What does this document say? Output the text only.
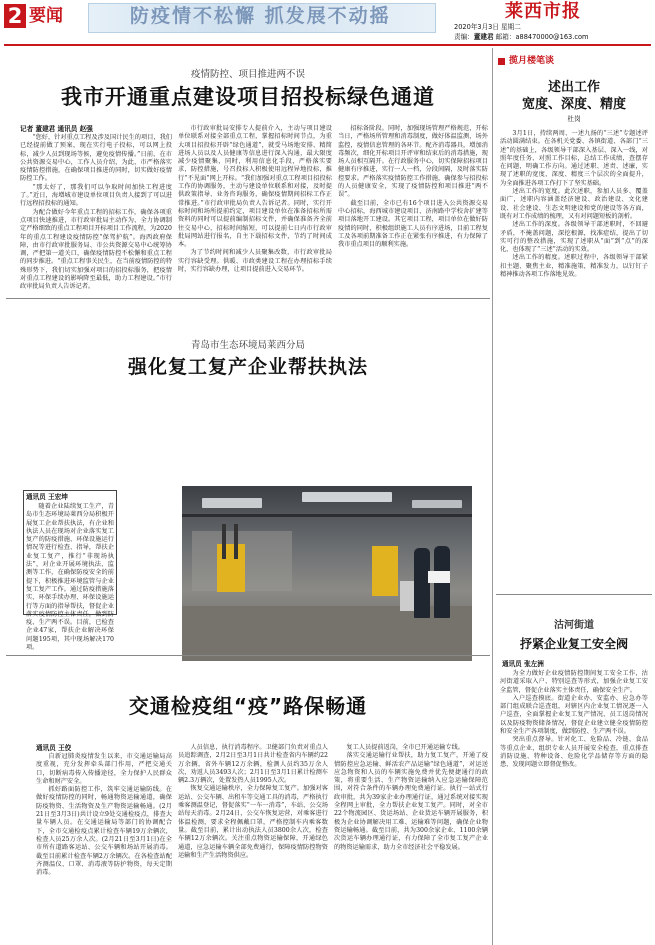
2 要闻	防疫情不松懈 抓发展不动摇	莱西市报
2020年3月3日 星期二
责编：董建君 邮箱：a88470000@163.com
疫情防控、项目推进两不误
我市开通重点建设项目招投标绿色通道
记者 董建君 通讯员 赵强

“您好，针对重点工程及涉及国计民生的项目，我们已经提前做了预案，现在实行电子投标，可以网上投标，减少人员到现场等候，避免疫情传播。”日前，在市公共资源交易中心，工作人员介绍，为此，市严格落实疫情防控措施，在确保项目推进的同时，切实做好疫情防控工作。

“那太好了，那我们可以争取时间加快工程进度了。”近日，海增城市建设单位项目负责人接到了可以进行远程招投标的通知。

为配合做好今年重点工程的招标工作，确保各项重点项目快速推进，市行政审批局主动作为、全力协调制定严格细致的重点工程项目开标项目工作流程，为2020年的重点工程建设疫情防控“保驾护航”。海西政府保障，由市行政审批服务局、市公共资源交易中心统筹协调，严把第一道关口，确保疫情防控不松懈和重点工程的同步推进。“重点工程事关民生，在当前疫情防控的特殊形势下，我们切实加强对项目的招投标服务，把疫情对重点工程建设的影响降至最低，助力工程建设。”市行政审批局负责人告诉记者。

市行政审批局安排专人提前介入，主动与项目建设单位联系对接全部重点工程，掌握招标时间节点，为重大项目招投标开辟“绿色通道”，就受马场地安排、精简进场人员以及人员健康等信息进行深入沟通，最大限度减少疫情聚集，同时，利用信息化手段，严格落实要求，防控措施，号召投标人积极使用远程异地投标，推行“不见面”网上开标。“我们加强对重点工程项目招投标工作的协调服务，主动与建设单位联系和对接，及时提供政策指导、业务咨询服务，确保疫情期间招标工作正常推进。”市行政审批局负责人告诉记者。同时，实行开标时间和场所提前约定，项目建设单位在准备招标所需资料的同时可以提前编制招标文件，并确保准备齐全前往交易中心，招标时间缩短，可以提前七日内市行政审批局网站进行报名，自主下载招标文件，节约了时间成本。

为了节约时间和减少人员聚集改数，市行政审批局实行容缺受理。供暖、市政类建设工程在办理招标手续时，实行容缺办理，让项目提前进入交易环节。

招标备阶段。同时，加强现场管理严格规范，开标当日，严格场所管理和消毒制度，做好体温监测，场外监控，疫情信息管理的各环节。配齐消毒器具，增加消毒频次，细化开标项目开评审和结束后的消毒措施，现场人员相互隔开。在行政服务中心，切实保障招标项目健康有序推进，实行一人一档，分段间隔，及时落实防控要求。严格落实疫情防控工作措施，确保参与招投标的人员健康安全，实现了疫情防控和项目推进“两不误”。

截至目前，全市已有16个项目进入公共资源交易中心招标，海西城市建设项目、济南路中学校舍扩建等项目落地开工建设。其它项目工程，项目单位在做好防疫情的同时，积极组织施工人员有序进场，目前工程复工及各项前期准备工作正在紧张有序推进，有力保障了我市重点项目的顺利实施。

青岛市生态环境局莱西分局
强化复工复产企业帮扶执法
通讯员 王宏坤

随着企业陆续复工生产，青岛市生态环境局莱西分局积极开展复工企业帮扶执法，有企业和执法人员在现场对企业落实复工复产的防疫措施、环保设施运行情况等进行检查、指导，帮扶企业复工复产，推行“非现场执法”，对企业开展环境执法、监测等工作，在确保防疫安全的前提下，积极推进环境监管与企业复工复产工作。通过防疫措施落实、环保手续办理、环保设施运行等方面的指导帮扶，督促企业落实疫情防控主体责任，做到防疫、生产两不误。目前，已检查企业47家，帮扶企业解决环保问题195项，其中现场解决170项。

交通检疫组“疫”路保畅通
通讯员 王佼

自新冠肺炎疫情发生以来，市交通运输局高度重视，充分发挥牵头部门作用，严把交通关口，切断病毒传入传播途径，全力保护人民群众生命和财产安全。

抓好路面防控工作，筑牢交通运输防线。在做好疫情防控的同时，畅通物资运输通道，确保防疫物资、生活物资及生产物资运输畅通。(2月21日至3月3日)共计设立9处交通检疫点，排查大量车辆人员。在交通运输局等部门的协调配合下，全市交通检疫点累计检查车辆19万余辆次，检查人员25万余人次。(2月21日至3月1日)在全市所有道路客运站、公交车辆和场站开展消毒。截至目前累计检查车辆2万余辆次。在各检查站配齐测温仪、口罩、消毒液等防护物资，每天定期消毒。

人员信息，执行消毒程序。卫健部门负责对重点人员追踪调查，2月2日至3月1日共计检查省内车辆约22万余辆，省外车辆12万余辆，检测人员约35万余人次，劝返人员3493人次；2月1日至3月1日累计检测车辆2.3万辆次，处置发热人员1995人次。

恢复交通运输秩序，全力保障复工复产。加强对客运站、公交车辆、出租车等交通工具的消毒，严格执行乘客测温登记，督促落实“一车一消毒”，车站、公交场站每天消毒。2月24日，公交车恢复运营，对乘客进行体温检测，要求全程佩戴口罩，严格控制车内乘客数量。截至目前，累计出动执法人员3800余人次，检查车辆12万余辆次。关注重点物资运输保障，开通绿色通道，应急运输车辆全部免费通行，保障疫情防控物资运输和生产生活物资供应。

复工人员提前返岗，全市已开通运输专线。

落实交通运输行业帮扶，助力复工复产，开通了疫情防控应急运输、鲜活农产品运输“绿色通道”，对运送应急物资和人员的车辆实施免费并优先便捷通行的政策，将重要生活、生产物资运输纳入应急运输保障范围，对符合条件的车辆办理免费通行证。执行一站式行政审批，共为39家企业办理通行证，通过系统对接实现全程网上审批，全力帮扶企业复工复产。同时，对全市22个物流园区、货运场站、企业货运车辆开展服务，积极为企业协调解决用工难、运输难等问题，确保企业物资运输畅通。截至目前，共为300余家企业、1100余辆次货运车辆办理通行证，有力保障了全市复工复产企业的物资运输需求，助力全市经济社会平稳发展。

揽月楼笔谈
述出工作
宽度、深度、精度
杜岗

3月1日，持续两周、一述九扬的“三述”专题述评活动圆满结束。在各机关党委、各镇街道、各部门“三述”的基础上，各级领导干部深入基层、深入一线，对照年度任务、对照工作目标，总结工作成绩，查摆存在问题，明确工作方向。通过述职、述责、述廉，实现了述职的宽度、深度、精度三个层次的全面提升，为全面推进各项工作打下了坚实基础。

述出工作的宽度。此次述职，参加人员多、覆盖面广，述职内容涵盖经济建设、政治建设、文化建设、社会建设、生态文明建设和党的建设等各方面，既有对工作成绩的梳理，又有对问题短板的剖析。

述出工作的深度。各级领导干部述职时，不回避矛盾，不掩盖问题，深挖根源，找准症结，提出了切实可行的整改措施，实现了述职从“面”到“点”的深化，也体现了“三述”活动的实效。

述出工作的精度。述职过程中，各级领导干部紧扣主题、聚焦主业，精准施策，精准发力，以钉钉子精神推动各项工作落地见效。

沽河街道
抒紧企业复工安全阀
通讯员 张左洲

为全力做好企业疫情防控期间复工安全工作，沽河街道采取入户、特别巡查等形式，加强企业复工安全监管，督促企业落实主体责任，确保安全生产。

入户巡查摸底。街道企业办、安监办、应急办等部门组成联合巡查组，对辖区内企业复工情况逐一入户巡查，全面掌握企业复工复产情况、员工返岗情况以及防疫物资储备情况，督促企业建立健全疫情防控和安全生产各项制度，做到防控、生产两不误。

突出重点督导。针对化工、危险品、冷链、食品等重点企业，组织专业人员开展安全检查，重点排查消防设施、特种设备、危险化学品储存等方面的隐患，发现问题立即督促整改。
